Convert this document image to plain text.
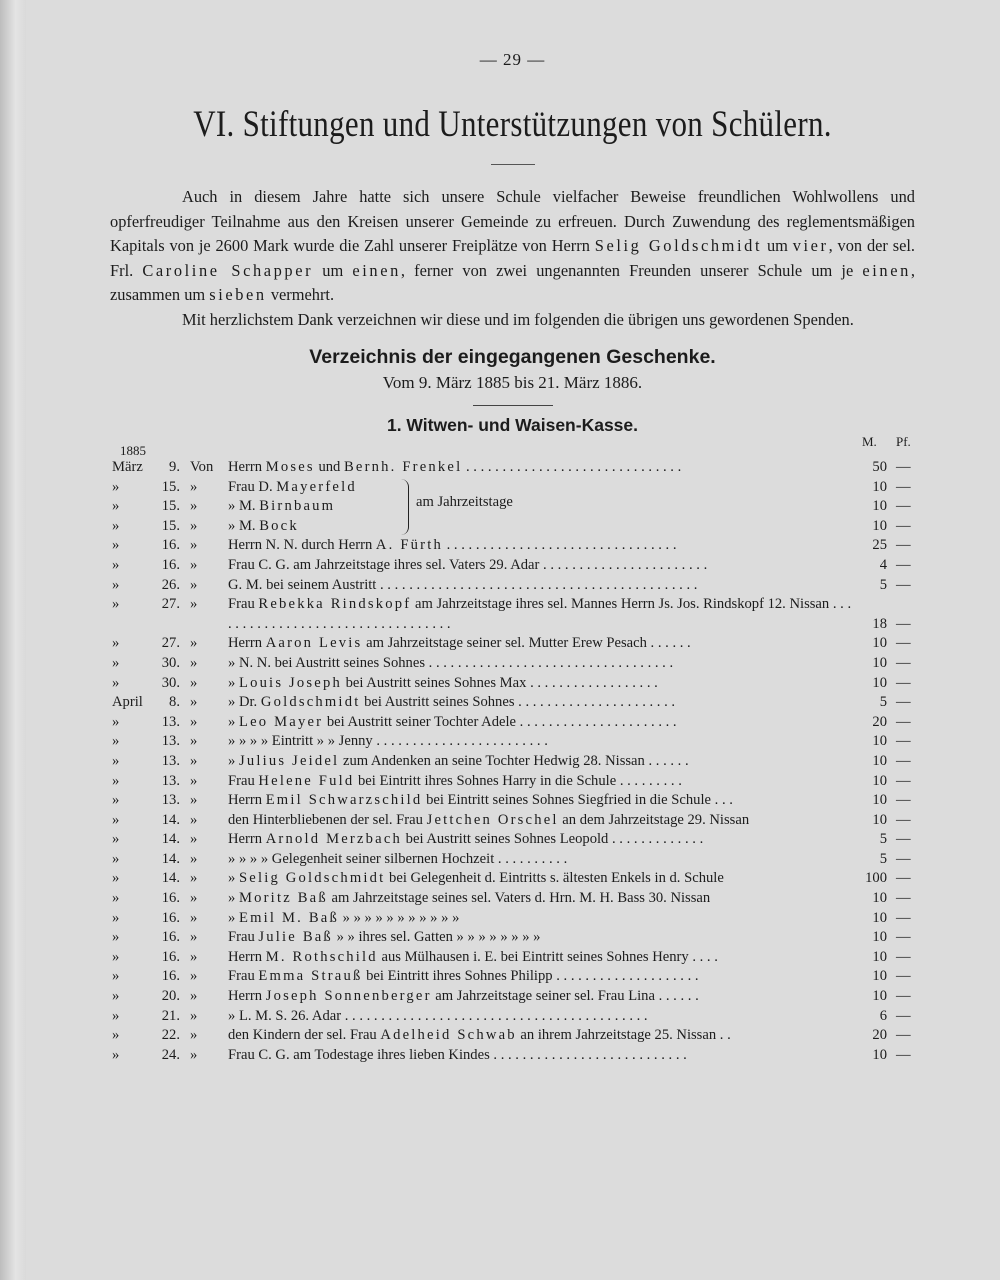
— 29 —
VI. Stiftungen und Unterstützungen von Schülern.

Auch in diesem Jahre hatte sich unsere Schule vielfacher Beweise freundlichen Wohlwollens und opferfreudiger Teilnahme aus den Kreisen unserer Gemeinde zu erfreuen. Durch Zuwendung des reglementsmäßigen Kapitals von je 2600 Mark wurde die Zahl unserer Freiplätze von Herrn Selig Goldschmidt um vier, von der sel. Frl. Caroline Schapper um einen, ferner von zwei ungenannten Freunden unserer Schule um je einen, zusammen um sieben vermehrt.

Mit herzlichstem Dank verzeichnen wir diese und im folgenden die übrigen uns gewordenen Spenden.

Verzeichnis der eingegangenen Geschenke.
Vom 9. März 1885 bis 21. März 1886.
1. Witwen- und Waisen-Kasse.
1885
M. Pf.
am Jahrzeitstage
März	9. Von	Herrn Moses und Bernh. Frenkel . . . . . . . . . . . . . . . . . . . . . . . . . . . . . .	50 —
»	15. »	Frau D. Mayerfeld	10 —
»	15. »	» M. Birnbaum	10 —
»	15. »	» M. Bock	10 —
»	16. »	Herrn N. N. durch Herrn A. Fürth . . . . . . . . . . . . . . . . . . . . . . . . . . . . . . . .	25 —
»	16. »	Frau C. G. am Jahrzeitstage ihres sel. Vaters 29. Adar . . . . . . . . . . . . . . . . . . . . . . .	4 —
»	26. »	G. M. bei seinem Austritt . . . . . . . . . . . . . . . . . . . . . . . . . . . . . . . . . . . . . . . . . . . .	5 —
»	27. »	Frau Rebekka Rindskopf am Jahrzeitstage ihres sel. Mannes Herrn Js. Jos. Rindskopf 12. Nissan . . . . . . . . . . . . . . . . . . . . . . . . . . . . . . . . . .	18 —
»	27. »	Herrn Aaron Levis am Jahrzeitstage seiner sel. Mutter Erew Pesach . . . . . .	10 —
»	30. »	» N. N. bei Austritt seines Sohnes . . . . . . . . . . . . . . . . . . . . . . . . . . . . . . . . . .	10 —
»	30. »	» Louis Joseph bei Austritt seines Sohnes Max . . . . . . . . . . . . . . . . . .	10 —
April	8. »	» Dr. Goldschmidt bei Austritt seines Sohnes . . . . . . . . . . . . . . . . . . . . . .	5 —
»	13. »	» Leo Mayer bei Austritt seiner Tochter Adele . . . . . . . . . . . . . . . . . . . . . .	20 —
»	13. »	» » » » Eintritt » » Jenny . . . . . . . . . . . . . . . . . . . . . . . .	10 —
»	13. »	» Julius Jeidel zum Andenken an seine Tochter Hedwig 28. Nissan . . . . . .	10 —
»	13. »	Frau Helene Fuld bei Eintritt ihres Sohnes Harry in die Schule . . . . . . . . .	10 —
»	13. »	Herrn Emil Schwarzschild bei Eintritt seines Sohnes Siegfried in die Schule . . .	10 —
»	14. »	den Hinterbliebenen der sel. Frau Jettchen Orschel an dem Jahrzeitstage 29. Nissan	10 —
»	14. »	Herrn Arnold Merzbach bei Austritt seines Sohnes Leopold . . . . . . . . . . . . .	5 —
»	14. »	» » » » Gelegenheit seiner silbernen Hochzeit . . . . . . . . . .	5 —
»	14. »	» Selig Goldschmidt bei Gelegenheit d. Eintritts s. ältesten Enkels in d. Schule	100 —
»	16. »	» Moritz Baß am Jahrzeitstage seines sel. Vaters d. Hrn. M. H. Bass 30. Nissan	10 —
»	16. »	» Emil M. Baß » » » » » » » » » » »	10 —
»	16. »	Frau Julie Baß » » ihres sel. Gatten » » » » » » » »	10 —
»	16. »	Herrn M. Rothschild aus Mülhausen i. E. bei Eintritt seines Sohnes Henry . . . .	10 —
»	16. »	Frau Emma Strauß bei Eintritt ihres Sohnes Philipp . . . . . . . . . . . . . . . . . . . .	10 —
»	20. »	Herrn Joseph Sonnenberger am Jahrzeitstage seiner sel. Frau Lina . . . . . .	10 —
»	21. »	» L. M. S. 26. Adar . . . . . . . . . . . . . . . . . . . . . . . . . . . . . . . . . . . . . . . . . .	6 —
»	22. »	den Kindern der sel. Frau Adelheid Schwab an ihrem Jahrzeitstage 25. Nissan . .	20 —
»	24. »	Frau C. G. am Todestage ihres lieben Kindes . . . . . . . . . . . . . . . . . . . . . . . . . . .	10 —
